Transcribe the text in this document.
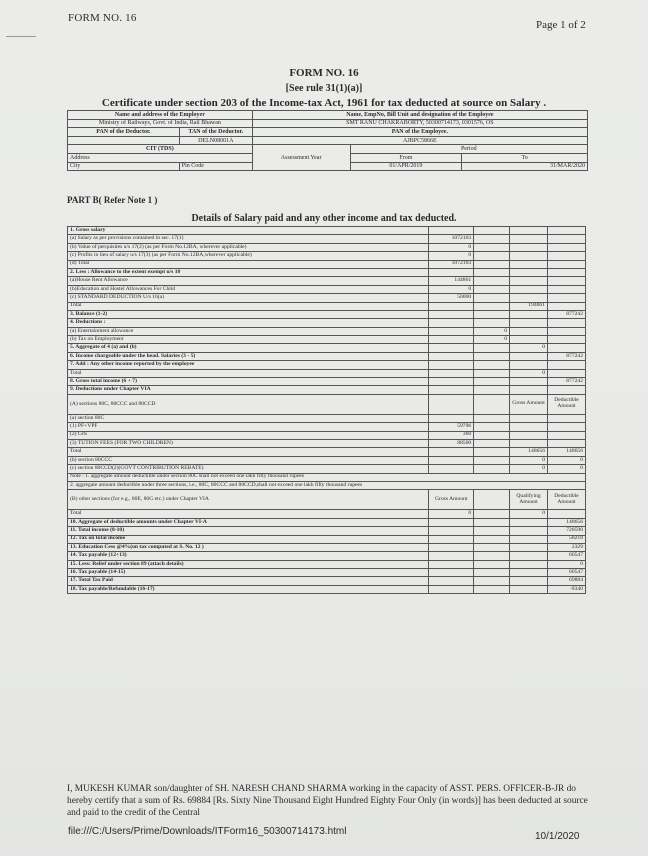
FORM NO. 16
Page 1 of 2
FORM NO. 16
[See rule 31(1)(a)]
Certificate under section 203 of the Income-tax Act, 1961 for tax deducted at source on Salary .
Name and address of the Employer		Name, EmpNo, Bill Unit and designation of the Employee		
Ministry of Railways, Govt. of India, Rail Bhawan		SMT RANU CHAKRABORTY, 50300714173, 0301576, OS		
PAN of the Deductor.	TAN of the Deductor.	PAN of the Employee.		
	DELN08001A	AJBPC5866E		
CIT (TDS)		Assessment Year	Period	
Address			From	To
City	Pin Code		01/APR/2019	31/MAR/2020
PART B( Refer Note 1 )
Details of Salary paid and any other income and tax deducted.
1. Gross salary				
(a) Salary as per provisions contained in sec. 17(1)	1072103			
(b) Value of perquisites u/s 17(2) (as per Form No.12BA, wherever applicable)	0			
(c) Profits in lieu of salary u/s 17(3) (as per Form No.12BA,wherever applicable)	0			
(d) Total	1072103			
2. Less : Allowance to the extent exempt u/s 10				
(a)House Rent Allowance	144861			
(b)Education and Hostel Allowances For Child	0			
(c) STANDARD DEDUCTION U/s 16(a)	50000			
Total			194861	
3. Balance (1-2)				877242
4. Deductions :				
(a) Entertainment allowance		0		
(b) Tax on Employment		0		
5. Aggregate of 4 (a) and (b)			0	
6. Income chargeable under the head. Salaries (3 - 5)				877242
7. Add : Any other income reported by the employee				
Total			0	
8. Gross total income (6 + 7)				877242
9. Deductions under Chapter VIA				
(A) sections 80C, 80CCC and 80CCD			Gross Amount	Deductible Amount
(a) section 80C				
(1) PF+VPF	59796			
(2) GIS	360			
(3) TUTION FEES (FOR TWO CHILDREN)	88500			
Total			148656	148656
(b) section 80CCC			0	0
(c) section 80CCD(2)(GOVT CONTRIBUTION REBATE)			0	0
Note : 1. aggregate amount deductible under section 80C shall not exceed one lakh fifty thousand rupees				
2. aggregate amount deductible under three sections, i.e., 80C, 80CCC and 80CCD,shall not exceed one lakh fifty thousand rupees				
(B) other sections (for e.g., 80E, 80G etc.) under Chapter VIA	Gross Amount		Qualifying Amount	Deductible Amount
Total	0		0	
10. Aggregate of deductible amounts under Chapter VI-A				148656
11. Total income (8-10)				728590
12. Tax on total income				58218
13. Education Cess @4%(on tax computed at S. No. 12 )				2329
14. Tax payable (12+13)				60547
15. Less: Relief under section 89 (attach details)				0
16. Tax payable (14-15)				60547
17. Total Tax Paid				69884
18. Tax payable/Refundable (16-17)				-9340
I, MUKESH KUMAR son/daughter of SH. NARESH CHAND SHARMA working in the capacity of ASST. PERS. OFFICER-B-JR do hereby certify that a sum of Rs. 69884 [Rs. Sixty Nine Thousand Eight Hundred Eighty Four Only (in words)] has been deducted at source and paid to the credit of the Central
file:///C:/Users/Prime/Downloads/ITForm16_50300714173.html	10/1/2020
